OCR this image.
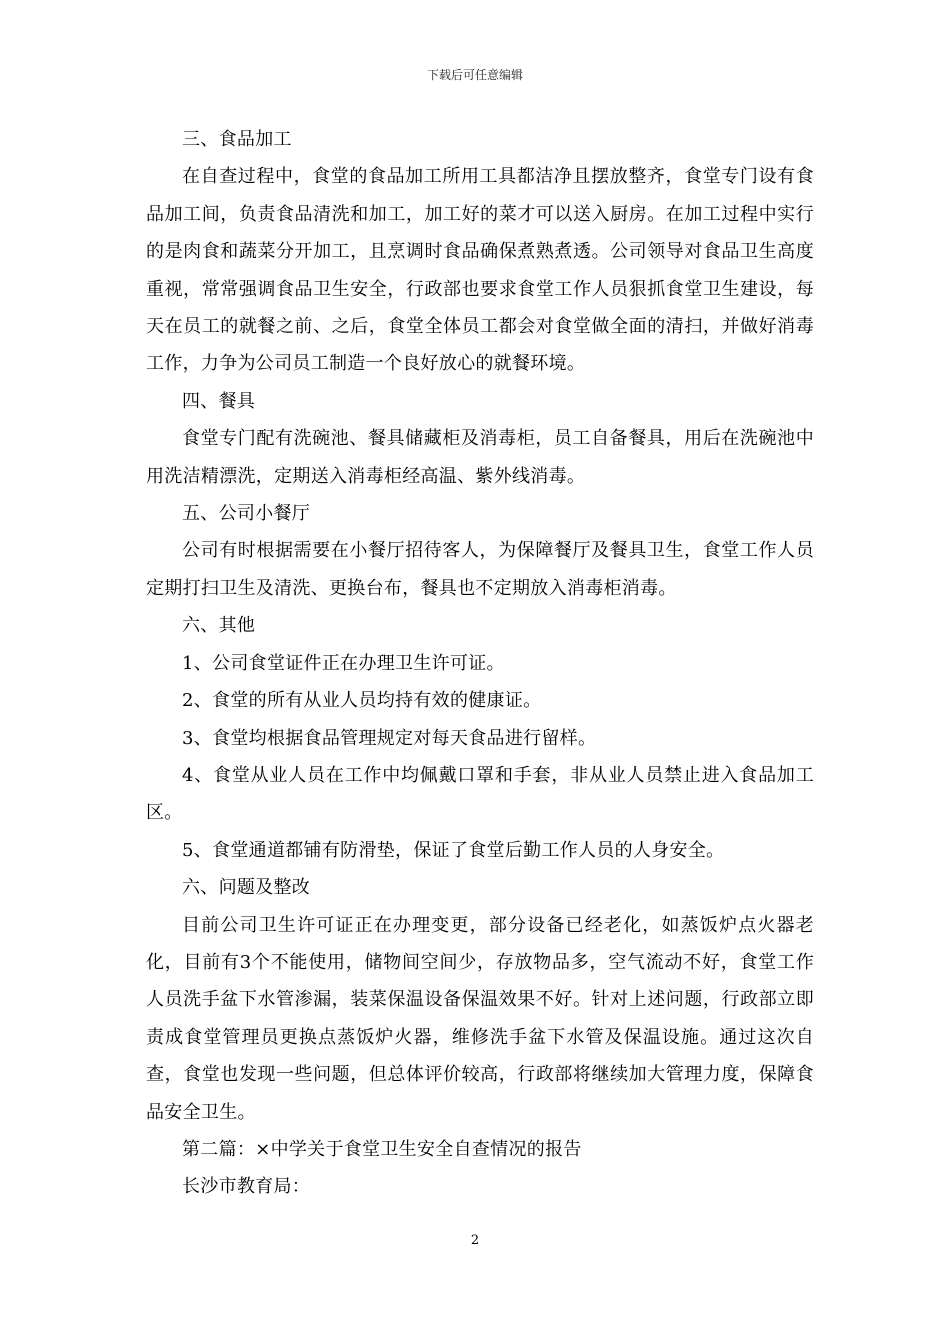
下载后可任意编辑

三、食品加工

在自查过程中，食堂的食品加工所用工具都洁净且摆放整齐，食堂专门设有食品加工间，负责食品清洗和加工，加工好的菜才可以送入厨房。在加工过程中实行的是肉食和蔬菜分开加工，且烹调时食品确保煮熟煮透。公司领导对食品卫生高度重视，常常强调食品卫生安全，行政部也要求食堂工作人员狠抓食堂卫生建设，每天在员工的就餐之前、之后，食堂全体员工都会对食堂做全面的清扫，并做好消毒工作，力争为公司员工制造一个良好放心的就餐环境。

四、餐具

食堂专门配有洗碗池、餐具储藏柜及消毒柜，员工自备餐具，用后在洗碗池中用洗洁精漂洗，定期送入消毒柜经高温、紫外线消毒。

五、公司小餐厅

公司有时根据需要在小餐厅招待客人，为保障餐厅及餐具卫生，食堂工作人员定期打扫卫生及清洗、更换台布，餐具也不定期放入消毒柜消毒。

六、其他

1、公司食堂证件正在办理卫生许可证。

2、食堂的所有从业人员均持有效的健康证。

3、食堂均根据食品管理规定对每天食品进行留样。

4、食堂从业人员在工作中均佩戴口罩和手套，非从业人员禁止进入食品加工区。

5、食堂通道都铺有防滑垫，保证了食堂后勤工作人员的人身安全。

六、问题及整改

目前公司卫生许可证正在办理变更，部分设备已经老化，如蒸饭炉点火器老化，目前有3个不能使用，储物间空间少，存放物品多，空气流动不好，食堂工作人员洗手盆下水管渗漏，装菜保温设备保温效果不好。针对上述问题，行政部立即责成食堂管理员更换点蒸饭炉火器，维修洗手盆下水管及保温设施。通过这次自查，食堂也发现一些问题，但总体评价较高，行政部将继续加大管理力度，保障食品安全卫生。

第二篇：×中学关于食堂卫生安全自查情况的报告

长沙市教育局：

2
